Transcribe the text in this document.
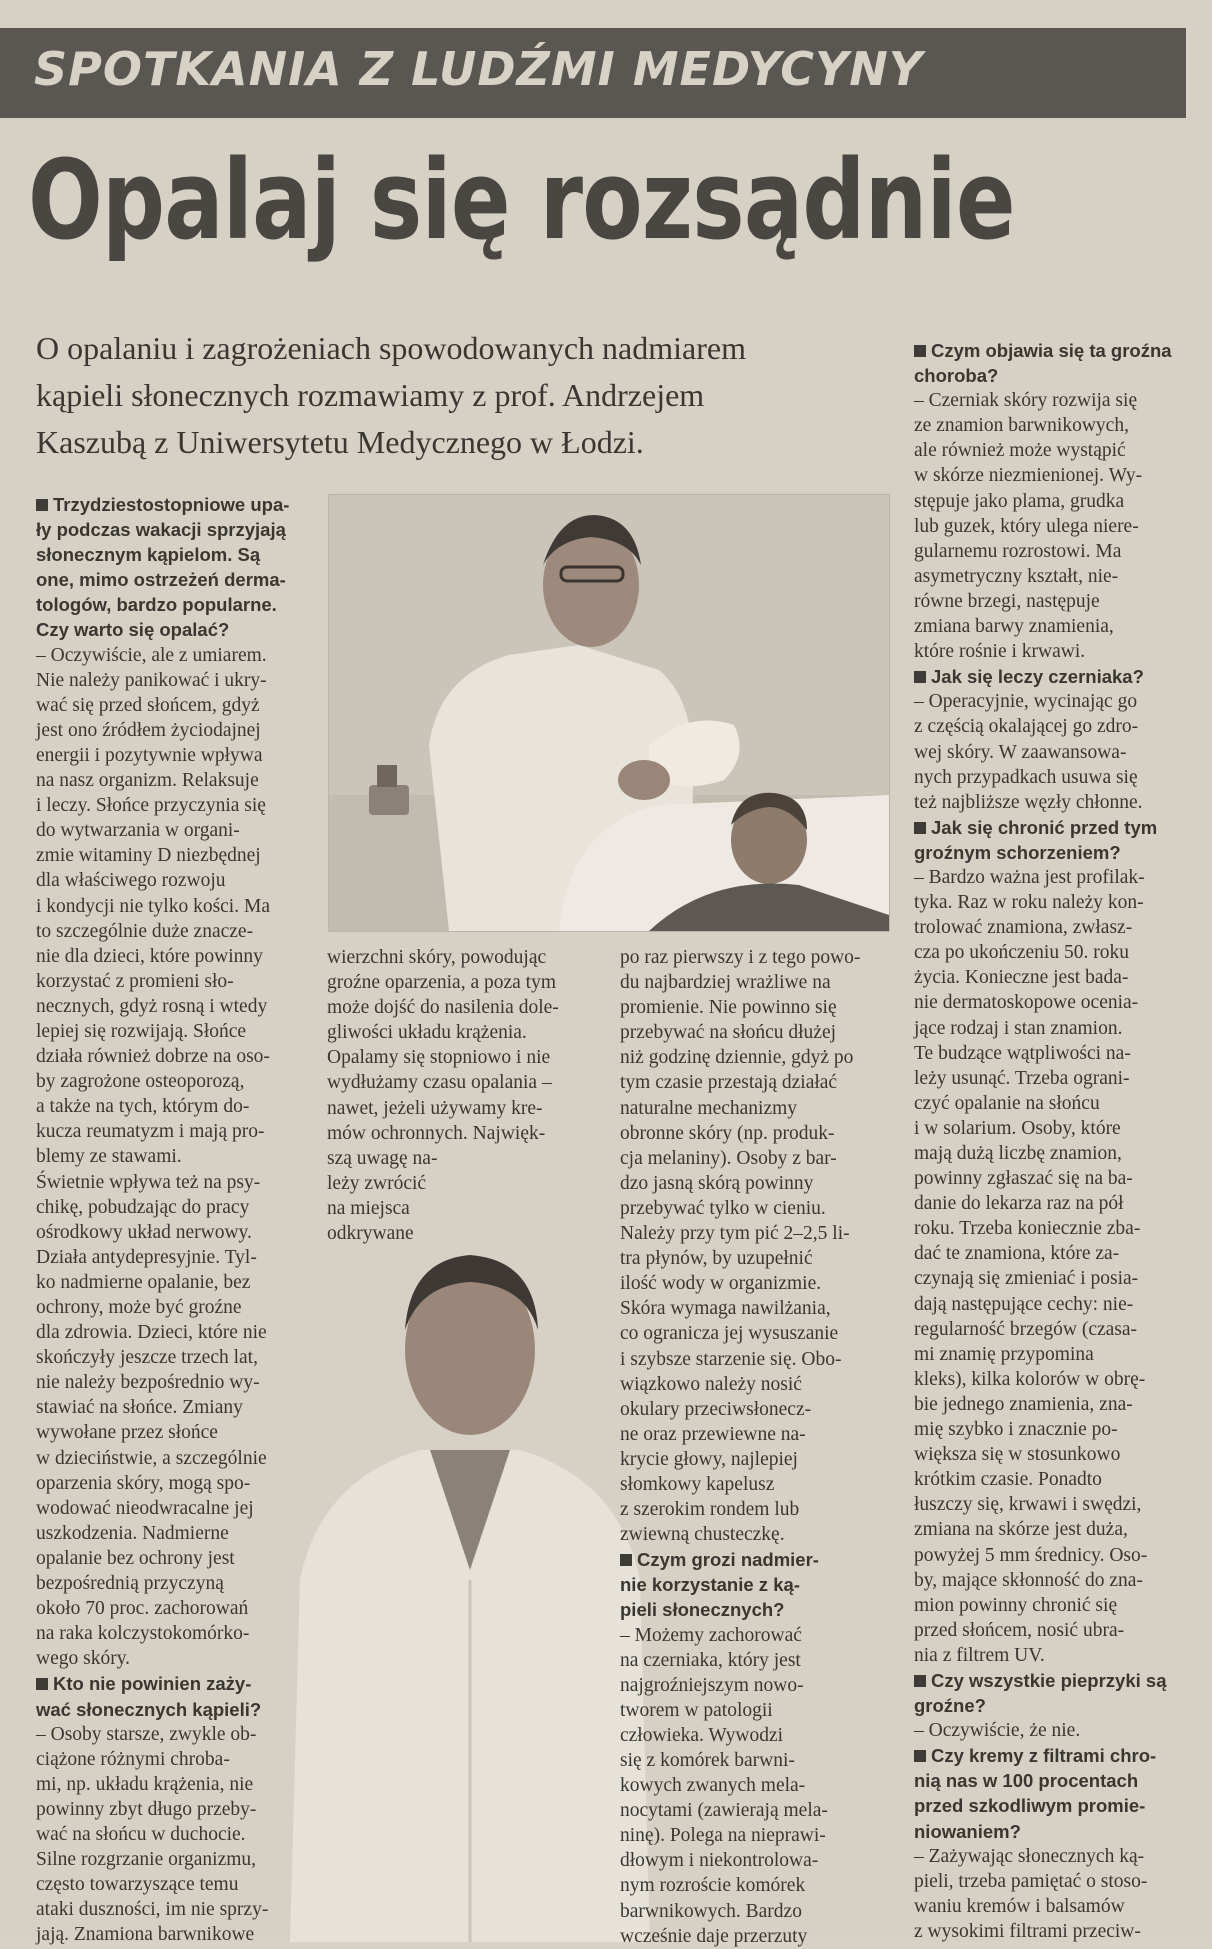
SPOTKANIA Z LUDŹMI MEDYCYNY
Opalaj się rozsądnie
O opalaniu i zagrożeniach spowodowanych nadmiarem
kąpieli słonecznych rozmawiamy z prof. Andrzejem
Kaszubą z Uniwersytetu Medycznego w Łodzi.
Trzydziestostopniowe upa-
ły podczas wakacji sprzyjają
słonecznym kąpielom. Są
one, mimo ostrzeżeń derma-
tologów, bardzo popularne.
Czy warto się opalać?
– Oczywiście, ale z umiarem.
Nie należy panikować i ukry-
wać się przed słońcem, gdyż
jest ono źródłem życiodajnej
energii i pozytywnie wpływa
na nasz organizm. Relaksuje
i leczy. Słońce przyczynia się
do wytwarzania w organi-
zmie witaminy D niezbędnej
dla właściwego rozwoju
i kondycji nie tylko kości. Ma
to szczególnie duże znacze-
nie dla dzieci, które powinny
korzystać z promieni sło-
necznych, gdyż rosną i wtedy
lepiej się rozwijają. Słońce
działa również dobrze na oso-
by zagrożone osteoporozą,
a także na tych, którym do-
kucza reumatyzm i mają pro-
blemy ze stawami.
Świetnie wpływa też na psy-
chikę, pobudzając do pracy
ośrodkowy układ nerwowy.
Działa antydepresyjnie. Tyl-
ko nadmierne opalanie, bez
ochrony, może być groźne
dla zdrowia. Dzieci, które nie
skończyły jeszcze trzech lat,
nie należy bezpośrednio wy-
stawiać na słońce. Zmiany
wywołane przez słońce
w dzieciństwie, a szczególnie
oparzenia skóry, mogą spo-
wodować nieodwracalne jej
uszkodzenia. Nadmierne
opalanie bez ochrony jest
bezpośrednią przyczyną
około 70 proc. zachorowań
na raka kolczystokomórko-
wego skóry.
Kto nie powinien zaży-
wać słonecznych kąpieli?
– Osoby starsze, zwykle ob-
ciążone różnymi chroba-
mi, np. układu krążenia, nie
powinny zbyt długo przeby-
wać na słońcu w duchocie.
Silne rozgrzanie organizmu,
często towarzyszące temu
ataki duszności, im nie sprzy-
jają. Znamiona barwnikowe
wierzchni skóry, powodując
groźne oparzenia, a poza tym
może dojść do nasilenia dole-
gliwości układu krążenia.
Opalamy się stopniowo i nie
wydłużamy czasu opalania –
nawet, jeżeli używamy kre-
mów ochronnych. Najwięk-
szą uwagę na-
leży zwrócić
na miejsca
odkrywane
po raz pierwszy i z tego powo-
du najbardziej wrażliwe na
promienie. Nie powinno się
przebywać na słońcu dłużej
niż godzinę dziennie, gdyż po
tym czasie przestają działać
naturalne mechanizmy
obronne skóry (np. produk-
cja melaniny). Osoby z bar-
dzo jasną skórą powinny
przebywać tylko w cieniu.
Należy przy tym pić 2–2,5 li-
tra płynów, by uzupełnić
ilość wody w organizmie.
Skóra wymaga nawilżania,
co ogranicza jej wysuszanie
i szybsze starzenie się. Obo-
wiązkowo należy nosić
okulary przeciwsłonecz-
ne oraz przewiewne na-
krycie głowy, najlepiej
słomkowy kapelusz
z szerokim rondem lub
zwiewną chusteczkę.
Czym grozi nadmier-
nie korzystanie z ką-
pieli słonecznych?
– Możemy zachorować
na czerniaka, który jest
najgroźniejszym nowo-
tworem w patologii
człowieka. Wywodzi
się z komórek barwni-
kowych zwanych mela-
nocytami (zawierają mela-
ninę). Polega na nieprawi-
dłowym i niekontrolowa-
nym rozroście komórek
barwnikowych. Bardzo
wcześnie daje przerzuty
Czym objawia się ta groźna
choroba?
– Czerniak skóry rozwija się
ze znamion barwnikowych,
ale również może wystąpić
w skórze niezmienionej. Wy-
stępuje jako plama, grudka
lub guzek, który ulega niere-
gularnemu rozrostowi. Ma
asymetryczny kształt, nie-
równe brzegi, następuje
zmiana barwy znamienia,
które rośnie i krwawi.
Jak się leczy czerniaka?
– Operacyjnie, wycinając go
z częścią okalającej go zdro-
wej skóry. W zaawansowa-
nych przypadkach usuwa się
też najbliższe węzły chłonne.
Jak się chronić przed tym
groźnym schorzeniem?
– Bardzo ważna jest profilak-
tyka. Raz w roku należy kon-
trolować znamiona, zwłasz-
cza po ukończeniu 50. roku
życia. Konieczne jest bada-
nie dermatoskopowe ocenia-
jące rodzaj i stan znamion.
Te budzące wątpliwości na-
leży usunąć. Trzeba ograni-
czyć opalanie na słońcu
i w solarium. Osoby, które
mają dużą liczbę znamion,
powinny zgłaszać się na ba-
danie do lekarza raz na pół
roku. Trzeba koniecznie zba-
dać te znamiona, które za-
czynają się zmieniać i posia-
dają następujące cechy: nie-
regularność brzegów (czasa-
mi znamię przypomina
kleks), kilka kolorów w obrę-
bie jednego znamienia, zna-
mię szybko i znacznie po-
większa się w stosunkowo
krótkim czasie. Ponadto
łuszczy się, krwawi i swędzi,
zmiana na skórze jest duża,
powyżej 5 mm średnicy. Oso-
by, mające skłonność do zna-
mion powinny chronić się
przed słońcem, nosić ubra-
nia z filtrem UV.
Czy wszystkie pieprzyki są
groźne?
– Oczywiście, że nie.
Czy kremy z filtrami chro-
nią nas w 100 procentach
przed szkodliwym promie-
niowaniem?
– Zażywając słonecznych ką-
pieli, trzeba pamiętać o stoso-
waniu kremów i balsamów
z wysokimi filtrami przeciw-
